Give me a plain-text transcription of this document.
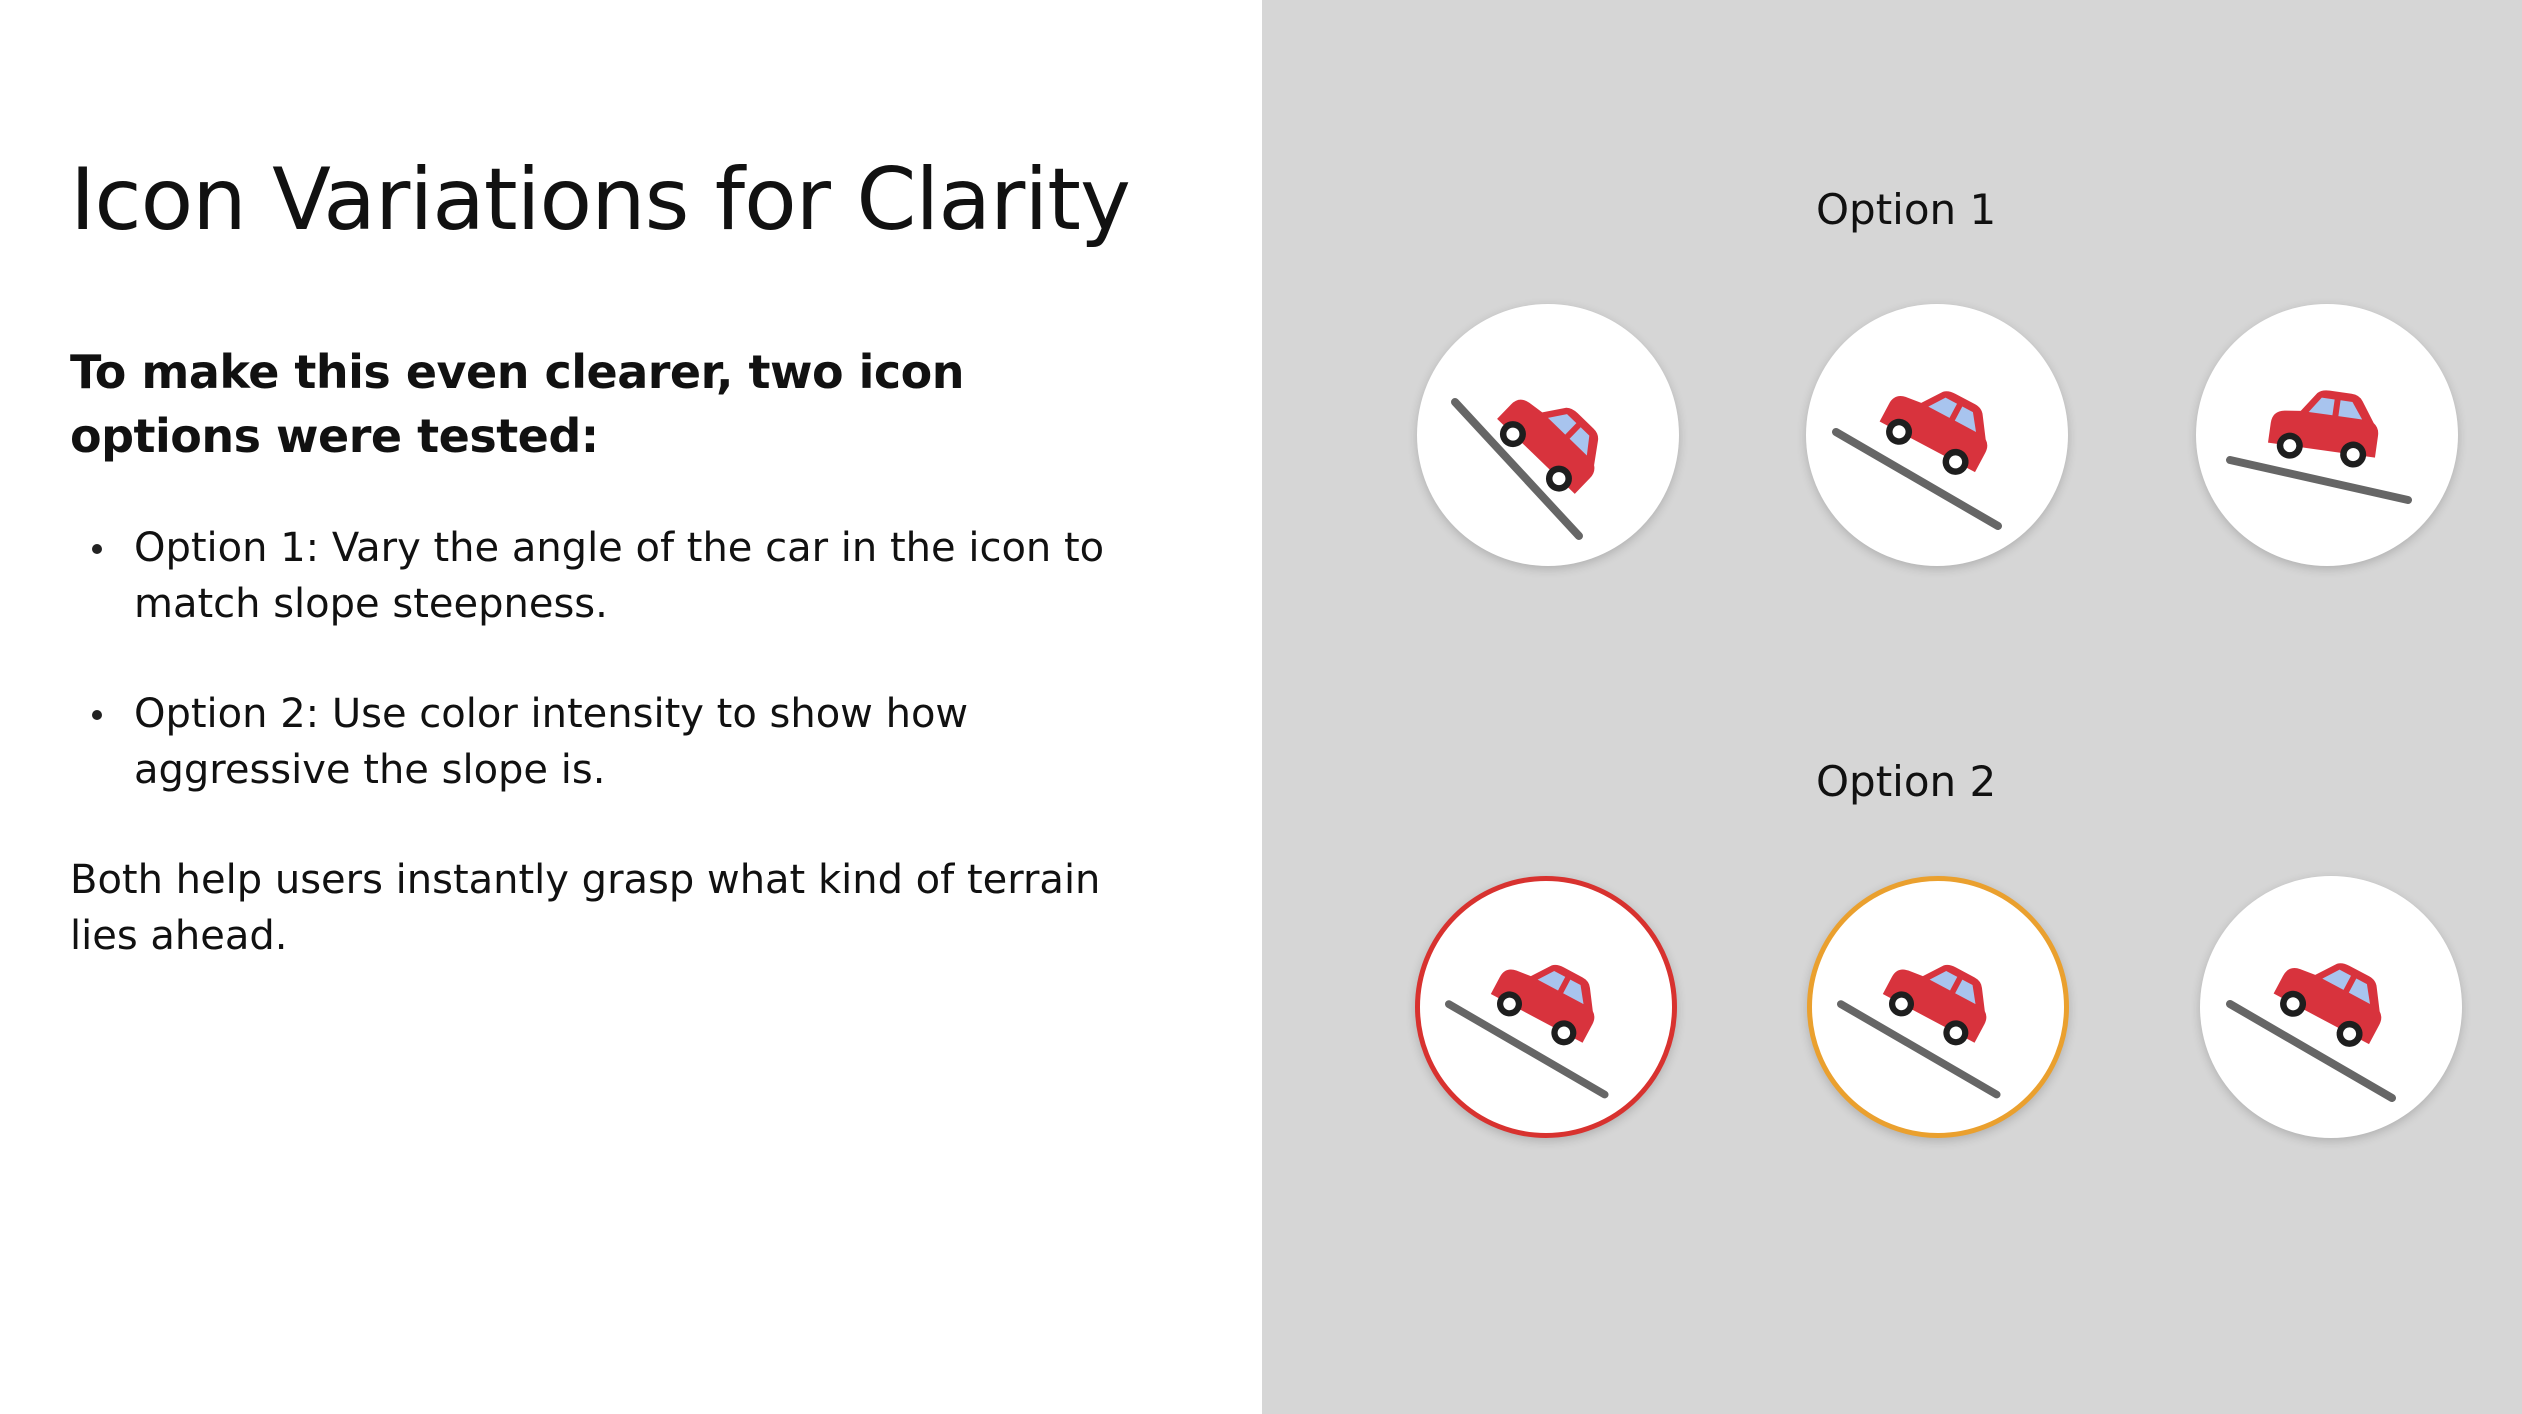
Icon Variations for Clarity

To make this even clearer, two icon options were tested:

Option 1: Vary the angle of the car in the icon to match slope steepness.
Option 2: Use color intensity to show how aggressive the slope is.

Both help users instantly grasp what kind of terrain lies ahead.

Option 1

Option 2
